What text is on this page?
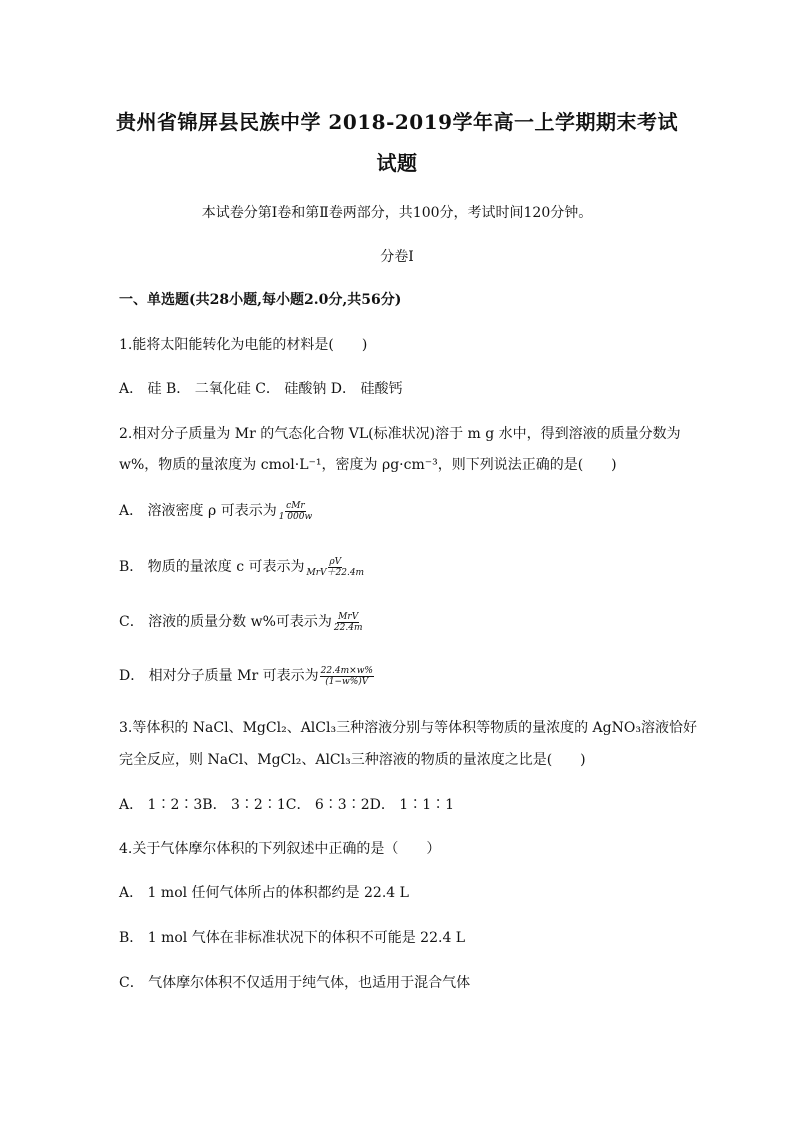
贵州省锦屏县民族中学 2018-2019学年高一上学期期末考试
试题
本试卷分第Ⅰ卷和第Ⅱ卷两部分，共100分，考试时间120分钟。
分卷I
一、单选题(共28小题,每小题2.0分,共56分)
1.能将太阳能转化为电能的材料是(　　)
A． 硅 B． 二氧化硅 C． 硅酸钠 D． 硅酸钙
2.相对分子质量为 Mr 的气态化合物 VL(标准状况)溶于 m g 水中，得到溶液的质量分数为
w%，物质的量浓度为 cmol·L⁻¹，密度为 ρg·cm⁻³，则下列说法正确的是(　　)
A． 溶液密度 ρ 可表示为 $\frac{\text{cMr}}{1 000w}$
B． 物质的量浓度 c 可表示为 $\frac{\rho V}{\text{MrV＋22.4m}}$
C． 溶液的质量分数 w%可表示为 $\frac{\text{MrV}}{22.4m}$
D． 相对分子质量 Mr 可表示为 $\frac{22.4m\times w\%}{(1-w\%)V}$
3.等体积的 NaCl、MgCl₂、AlCl₃三种溶液分别与等体积等物质的量浓度的 AgNO₃溶液恰好
完全反应，则 NaCl、MgCl₂、AlCl₃三种溶液的物质的量浓度之比是(　　)
A． 1∶2∶3B． 3∶2∶1C． 6∶3∶2D． 1∶1∶1
4.关于气体摩尔体积的下列叙述中正确的是（　　）
A． 1 mol 任何气体所占的体积都约是 22.4 L
B． 1 mol 气体在非标准状况下的体积不可能是 22.4 L
C． 气体摩尔体积不仅适用于纯气体，也适用于混合气体
